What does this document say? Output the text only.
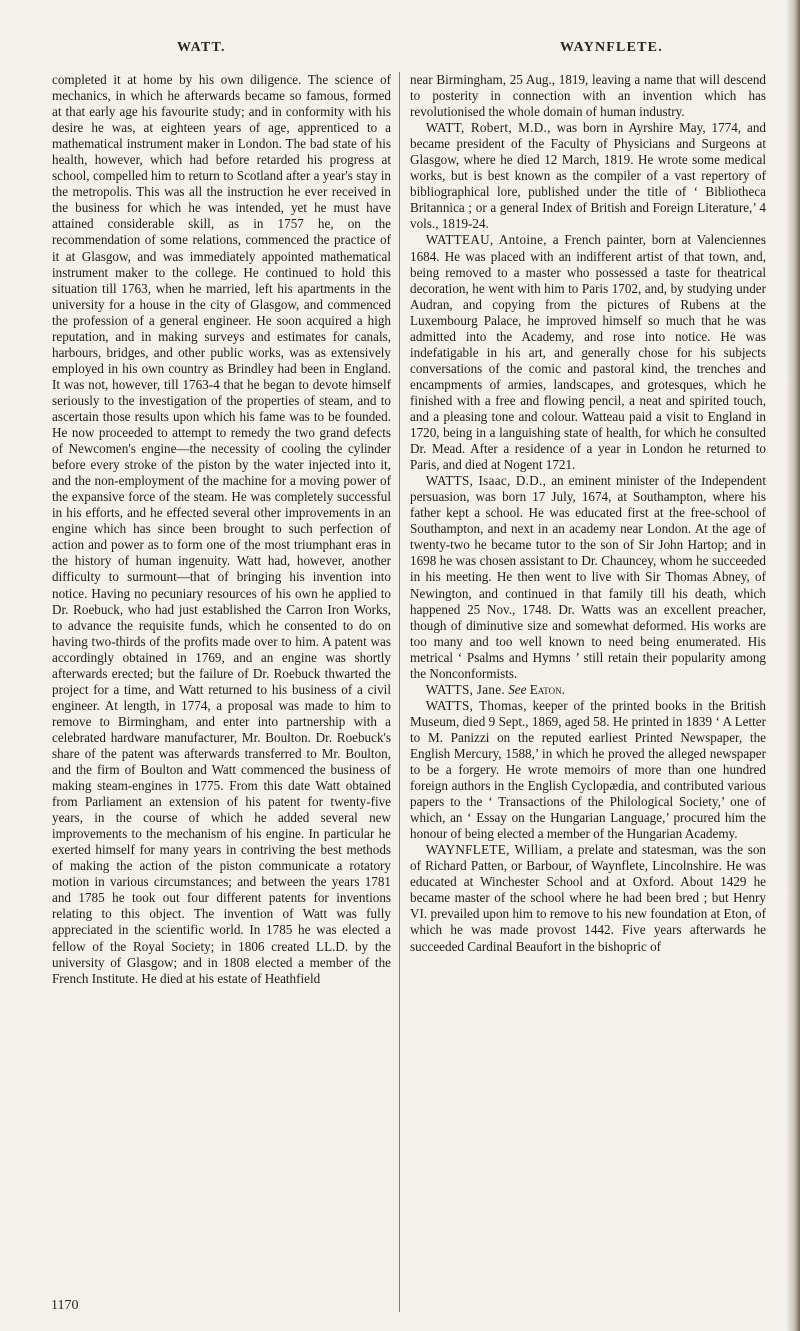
WATT.	WAYNFLETE.

completed it at home by his own diligence. The science of mechanics, in which he afterwards became so famous, formed at that early age his favourite study; and in conformity with his desire he was, at eighteen years of age, apprenticed to a mathematical instrument maker in London. The bad state of his health, however, which had before retarded his progress at school, compelled him to return to Scotland after a year's stay in the metropolis. This was all the instruction he ever received in the business for which he was intended, yet he must have attained considerable skill, as in 1757 he, on the recommendation of some relations, commenced the practice of it at Glasgow, and was immediately appointed mathematical instrument maker to the college. He continued to hold this situation till 1763, when he married, left his apartments in the university for a house in the city of Glasgow, and commenced the profession of a general engineer. He soon acquired a high reputation, and in making surveys and estimates for canals, harbours, bridges, and other public works, was as extensively employed in his own country as Brindley had been in England. It was not, however, till 1763-4 that he began to devote himself seriously to the investigation of the properties of steam, and to ascertain those results upon which his fame was to be founded. He now proceeded to attempt to remedy the two grand defects of Newcomen's engine—the necessity of cooling the cylinder before every stroke of the piston by the water injected into it, and the non-employment of the machine for a moving power of the expansive force of the steam. He was completely successful in his efforts, and he effected several other improvements in an engine which has since been brought to such perfection of action and power as to form one of the most triumphant eras in the history of human ingenuity. Watt had, however, another difficulty to surmount—that of bringing his invention into notice. Having no pecuniary resources of his own he applied to Dr. Roebuck, who had just established the Carron Iron Works, to advance the requisite funds, which he consented to do on having two-thirds of the profits made over to him. A patent was accordingly obtained in 1769, and an engine was shortly afterwards erected; but the failure of Dr. Roebuck thwarted the project for a time, and Watt returned to his business of a civil engineer. At length, in 1774, a proposal was made to him to remove to Birmingham, and enter into partnership with a celebrated hardware manufacturer, Mr. Boulton. Dr. Roebuck's share of the patent was afterwards transferred to Mr. Boulton, and the firm of Boulton and Watt commenced the business of making steam-engines in 1775. From this date Watt obtained from Parliament an extension of his patent for twenty-five years, in the course of which he added several new improvements to the mechanism of his engine. In particular he exerted himself for many years in contriving the best methods of making the action of the piston communicate a rotatory motion in various circumstances; and between the years 1781 and 1785 he took out four different patents for inventions relating to this object. The invention of Watt was fully appreciated in the scientific world. In 1785 he was elected a fellow of the Royal Society; in 1806 created LL.D. by the university of Glasgow; and in 1808 elected a member of the French Institute. He died at his estate of Heathfield

near Birmingham, 25 Aug., 1819, leaving a name that will descend to posterity in connection with an invention which has revolutionised the whole domain of human industry.

WATT, Robert, M.D., was born in Ayrshire May, 1774, and became president of the Faculty of Physicians and Surgeons at Glasgow, where he died 12 March, 1819. He wrote some medical works, but is best known as the compiler of a vast repertory of bibliographical lore, published under the title of ‘ Bibliotheca Britannica ; or a general Index of British and Foreign Literature,’ 4 vols., 1819-24.

WATTEAU, Antoine, a French painter, born at Valenciennes 1684. He was placed with an indifferent artist of that town, and, being removed to a master who possessed a taste for theatrical decoration, he went with him to Paris 1702, and, by studying under Audran, and copying from the pictures of Rubens at the Luxembourg Palace, he improved himself so much that he was admitted into the Academy, and rose into notice. He was indefatigable in his art, and generally chose for his subjects conversations of the comic and pastoral kind, the trenches and encampments of armies, landscapes, and grotesques, which he finished with a free and flowing pencil, a neat and spirited touch, and a pleasing tone and colour. Watteau paid a visit to England in 1720, being in a languishing state of health, for which he consulted Dr. Mead. After a residence of a year in London he returned to Paris, and died at Nogent 1721.

WATTS, Isaac, D.D., an eminent minister of the Independent persuasion, was born 17 July, 1674, at Southampton, where his father kept a school. He was educated first at the free-school of Southampton, and next in an academy near London. At the age of twenty-two he became tutor to the son of Sir John Hartop; and in 1698 he was chosen assistant to Dr. Chauncey, whom he succeeded in his meeting. He then went to live with Sir Thomas Abney, of Newington, and continued in that family till his death, which happened 25 Nov., 1748. Dr. Watts was an excellent preacher, though of diminutive size and somewhat deformed. His works are too many and too well known to need being enumerated. His metrical ‘ Psalms and Hymns ’ still retain their popularity among the Nonconformists.

WATTS, Jane. See Eaton.

WATTS, Thomas, keeper of the printed books in the British Museum, died 9 Sept., 1869, aged 58. He printed in 1839 ‘ A Letter to M. Panizzi on the reputed earliest Printed Newspaper, the English Mercury, 1588,’ in which he proved the alleged newspaper to be a forgery. He wrote memoirs of more than one hundred foreign authors in the English Cyclopædia, and contributed various papers to the ‘ Transactions of the Philological Society,’ one of which, an ‘ Essay on the Hungarian Language,’ procured him the honour of being elected a member of the Hungarian Academy.

WAYNFLETE, William, a prelate and statesman, was the son of Richard Patten, or Barbour, of Waynflete, Lincolnshire. He was educated at Winchester School and at Oxford. About 1429 he became master of the school where he had been bred ; but Henry VI. prevailed upon him to remove to his new foundation at Eton, of which he was made provost 1442. Five years afterwards he succeeded Cardinal Beaufort in the bishopric of

1170
